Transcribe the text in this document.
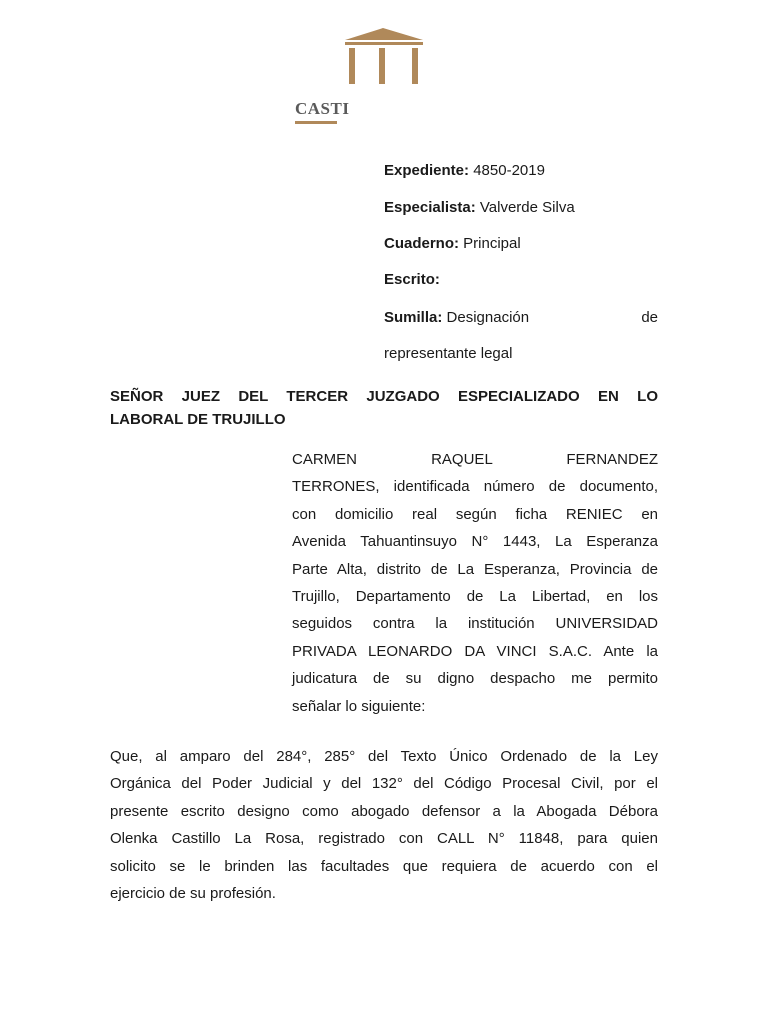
CASTI
Expediente: 4850-2019
Especialista: Valverde Silva
Cuaderno: Principal
Escrito:
Sumilla: Designación	de
representante legal
SEÑOR JUEZ DEL TERCER JUZGADO ESPECIALIZADO EN LO
LABORAL DE TRUJILLO
CARMEN RAQUEL FERNANDEZ
TERRONES, identificada número de documento,
con domicilio real según ficha RENIEC en
Avenida Tahuantinsuyo N° 1443, La Esperanza
Parte Alta, distrito de La Esperanza, Provincia de
Trujillo, Departamento de La Libertad, en los
seguidos contra la institución UNIVERSIDAD
PRIVADA LEONARDO DA VINCI S.A.C. Ante la
judicatura de su digno despacho me permito
señalar lo siguiente:
Que, al amparo del 284°, 285° del Texto Único Ordenado de la Ley
Orgánica del Poder Judicial y del 132° del Código Procesal Civil, por el
presente escrito designo como abogado defensor a la Abogada Débora
Olenka Castillo La Rosa, registrado con CALL N° 11848, para quien
solicito se le brinden las facultades que requiera de acuerdo con el
ejercicio de su profesión.
